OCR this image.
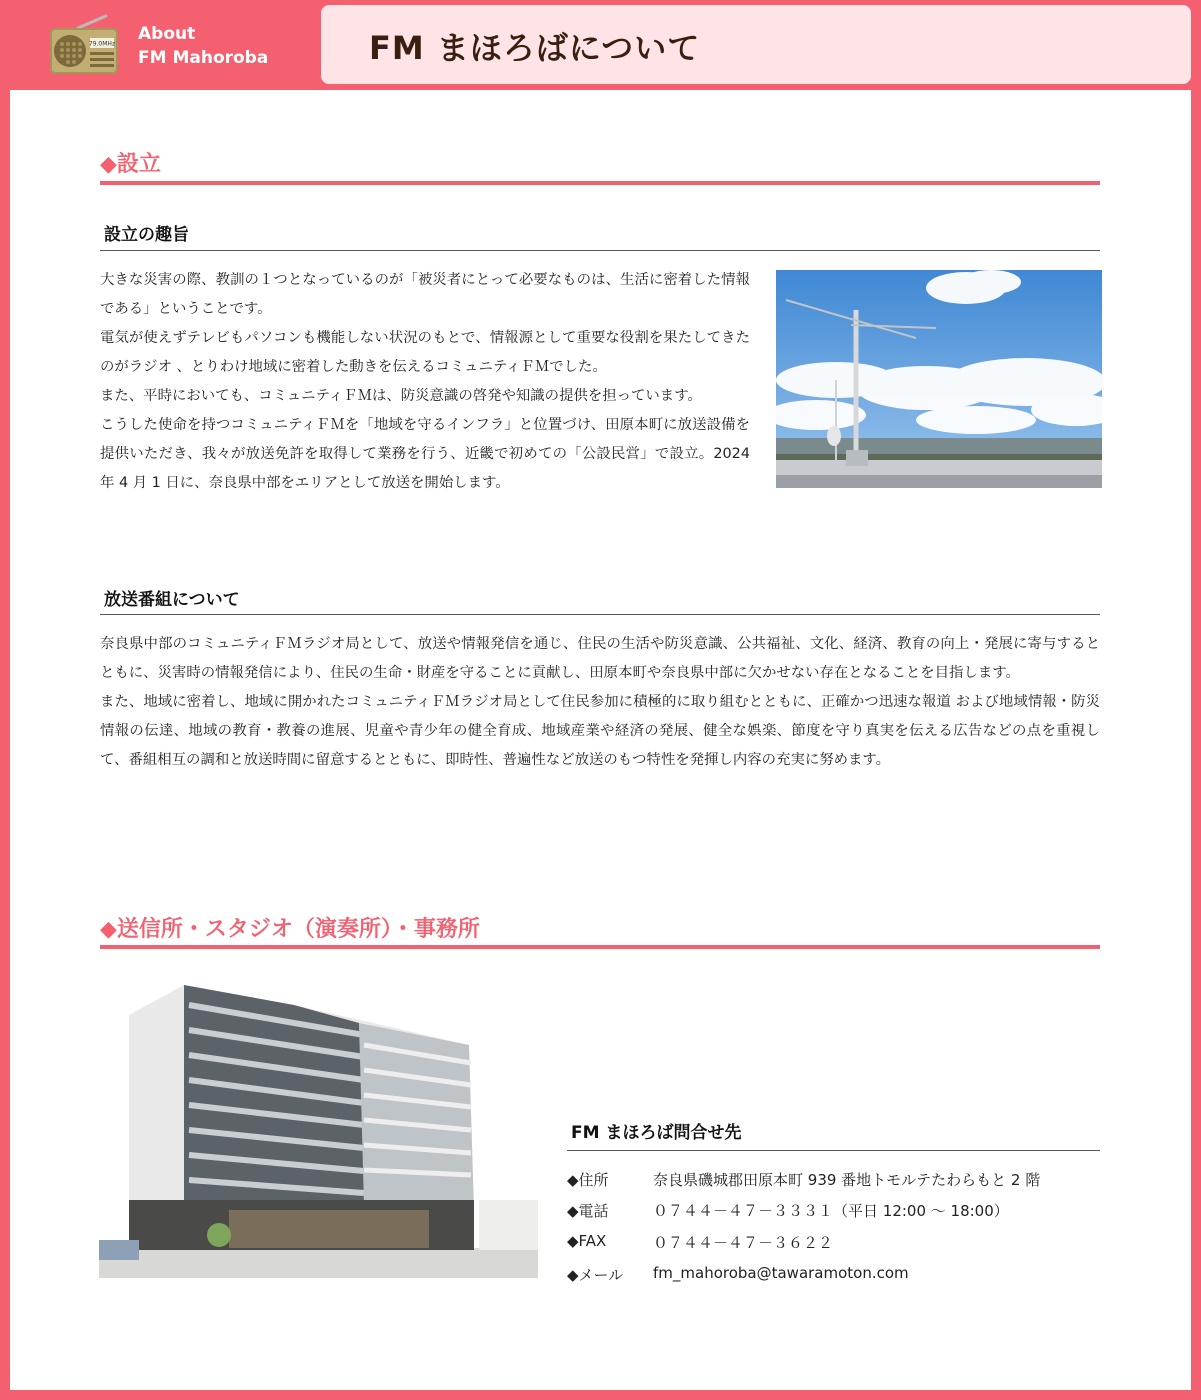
79.0MHz About
FM Mahoroba	FM まほろばについて
◆設立
設立の趣旨

大きな災害の際、教訓の１つとなっているのが「被災者にとって必要なものは、生活に密着した情報である」ということです。

電気が使えずテレビもパソコンも機能しない状況のもとで、情報源として重要な役割を果たしてきたのがラジオ 、とりわけ地域に密着した動きを伝えるコミュニティＦＭでした。

また、平時においても、コミュニティＦＭは、防災意識の啓発や知識の提供を担っています。

こうした使命を持つコミュニティＦＭを「地域を守るインフラ」と位置づけ、田原本町に放送設備を提供いただき、我々が放送免許を取得して業務を行う、近畿で初めての「公設民営」で設立。2024 年 4 月 1 日に、奈良県中部をエリアとして放送を開始します。

放送番組について

奈良県中部のコミュニティＦＭラジオ局として、放送や情報発信を通じ、住民の生活や防災意識、公共福祉、文化、経済、教育の向上・発展に寄与するとともに、災害時の情報発信により、住民の生命・財産を守ることに貢献し、田原本町や奈良県中部に欠かせない存在となることを目指します。

また、地域に密着し、地域に開かれたコミュニティＦＭラジオ局として住民参加に積極的に取り組むとともに、正確かつ迅速な報道 および地域情報・防災情報の伝達、地域の教育・教養の進展、児童や青少年の健全育成、地域産業や経済の発展、健全な娯楽、節度を守り真実を伝える広告などの点を重視して、番組相互の調和と放送時間に留意するとともに、即時性、普遍性など放送のもつ特性を発揮し内容の充実に努めます。

◆送信所・スタジオ（演奏所）・事務所
FM まほろば問合せ先
◆住所	奈良県磯城郡田原本町 939 番地トモルテたわらもと 2 階
◆電話	０７４４－４７－３３３１（平日 12:00 ～ 18:00）
◆FAX	０７４４－４７－３６２２
◆メール fm_mahoroba@tawaramoton.com
